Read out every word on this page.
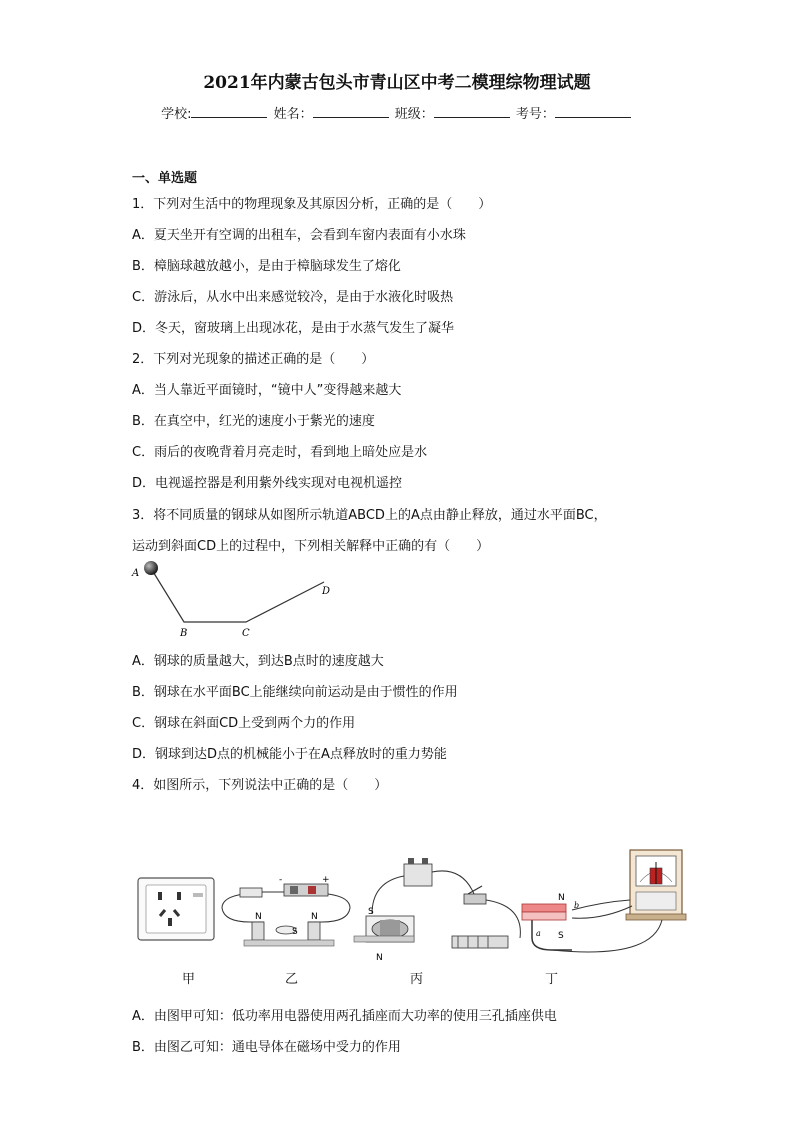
2021年内蒙古包头市青山区中考二模理综物理试题
学校:	姓名：	班级：	考号：
一、单选题
1．下列对生活中的物理现象及其原因分析，正确的是（　　）
A．夏天坐开有空调的出租车，会看到车窗内表面有小水珠
B．樟脑球越放越小，是由于樟脑球发生了熔化
C．游泳后，从水中出来感觉较冷，是由于水液化时吸热
D．冬天，窗玻璃上出现冰花，是由于水蒸气发生了凝华
2．下列对光现象的描述正确的是（　　）
A．当人靠近平面镜时，“镜中人”变得越来越大
B．在真空中，红光的速度小于紫光的速度
C．雨后的夜晚背着月亮走时，看到地上暗处应是水
D．电视遥控器是利用紫外线实现对电视机遥控
3．将不同质量的钢球从如图所示轨道ABCD上的A点由静止释放，通过水平面BC，
运动到斜面CD上的过程中，下列相关解释中正确的有（　　）
A
B	C
D
A．钢球的质量越大，到达B点时的速度越大
B．钢球在水平面BC上能继续向前运动是由于惯性的作用
C．钢球在斜面CD上受到两个力的作用
D．钢球到达D点的机械能小于在A点释放时的重力势能
4．如图所示，下列说法中正确的是（　　）
-	+
N	N
S
S
N
N
S
a
b
甲	乙	丙	丁
A．由图甲可知：低功率用电器使用两孔插座而大功率的使用三孔插座供电
B．由图乙可知：通电导体在磁场中受力的作用
